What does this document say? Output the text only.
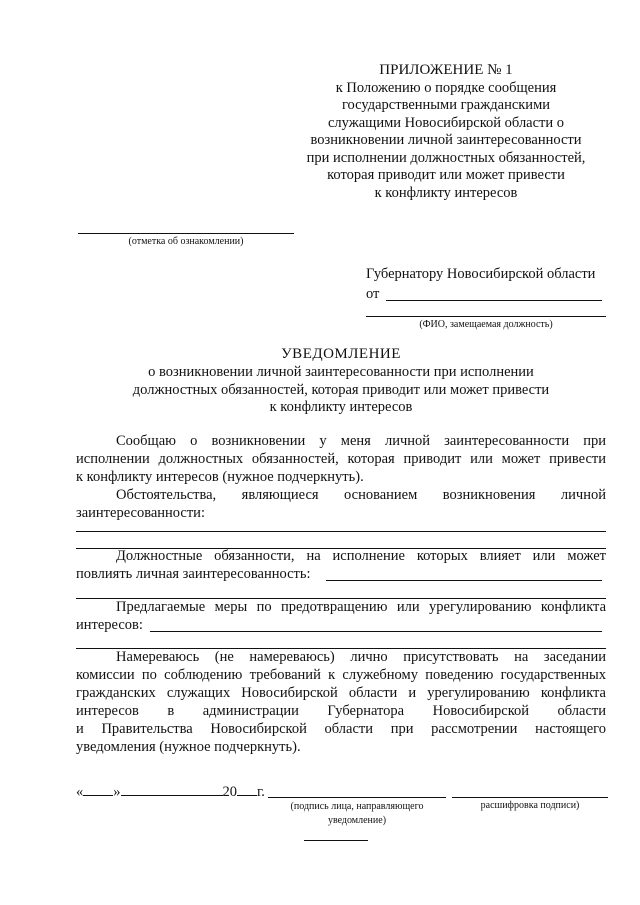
ПРИЛОЖЕНИЕ № 1
к Положению о порядке сообщения
государственными гражданскими
служащими Новосибирской области о
возникновении личной заинтересованности
при исполнении должностных обязанностей,
которая приводит или может привести
к конфликту интересов
(отметка об ознакомлении)
Губернатору Новосибирской области
от
(ФИО, замещаемая должность)
УВЕДОМЛЕНИЕ
о возникновении личной заинтересованности при исполнении
должностных обязанностей, которая приводит или может привести
к конфликту интересов
Сообщаю о возникновении у меня личной заинтересованности при
исполнении должностных обязанностей, которая приводит или может привести
к конфликту интересов (нужное подчеркнуть).
Обстоятельства, являющиеся основанием возникновения личной
заинтересованности:
Должностные обязанности, на исполнение которых влияет или может
повлиять личная заинтересованность:
Предлагаемые меры по предотвращению или урегулированию конфликта
интересов:
Намереваюсь (не намереваюсь) лично присутствовать на заседании
комиссии по соблюдению требований к служебному поведению государственных
гражданских служащих Новосибирской области и урегулированию конфликта
интересов в администрации Губернатора Новосибирской области
и Правительства Новосибирской области при рассмотрении настоящего
уведомления (нужное подчеркнуть).
« »	20 г.
(подпись лица, направляющего
уведомление)
расшифровка подписи)
